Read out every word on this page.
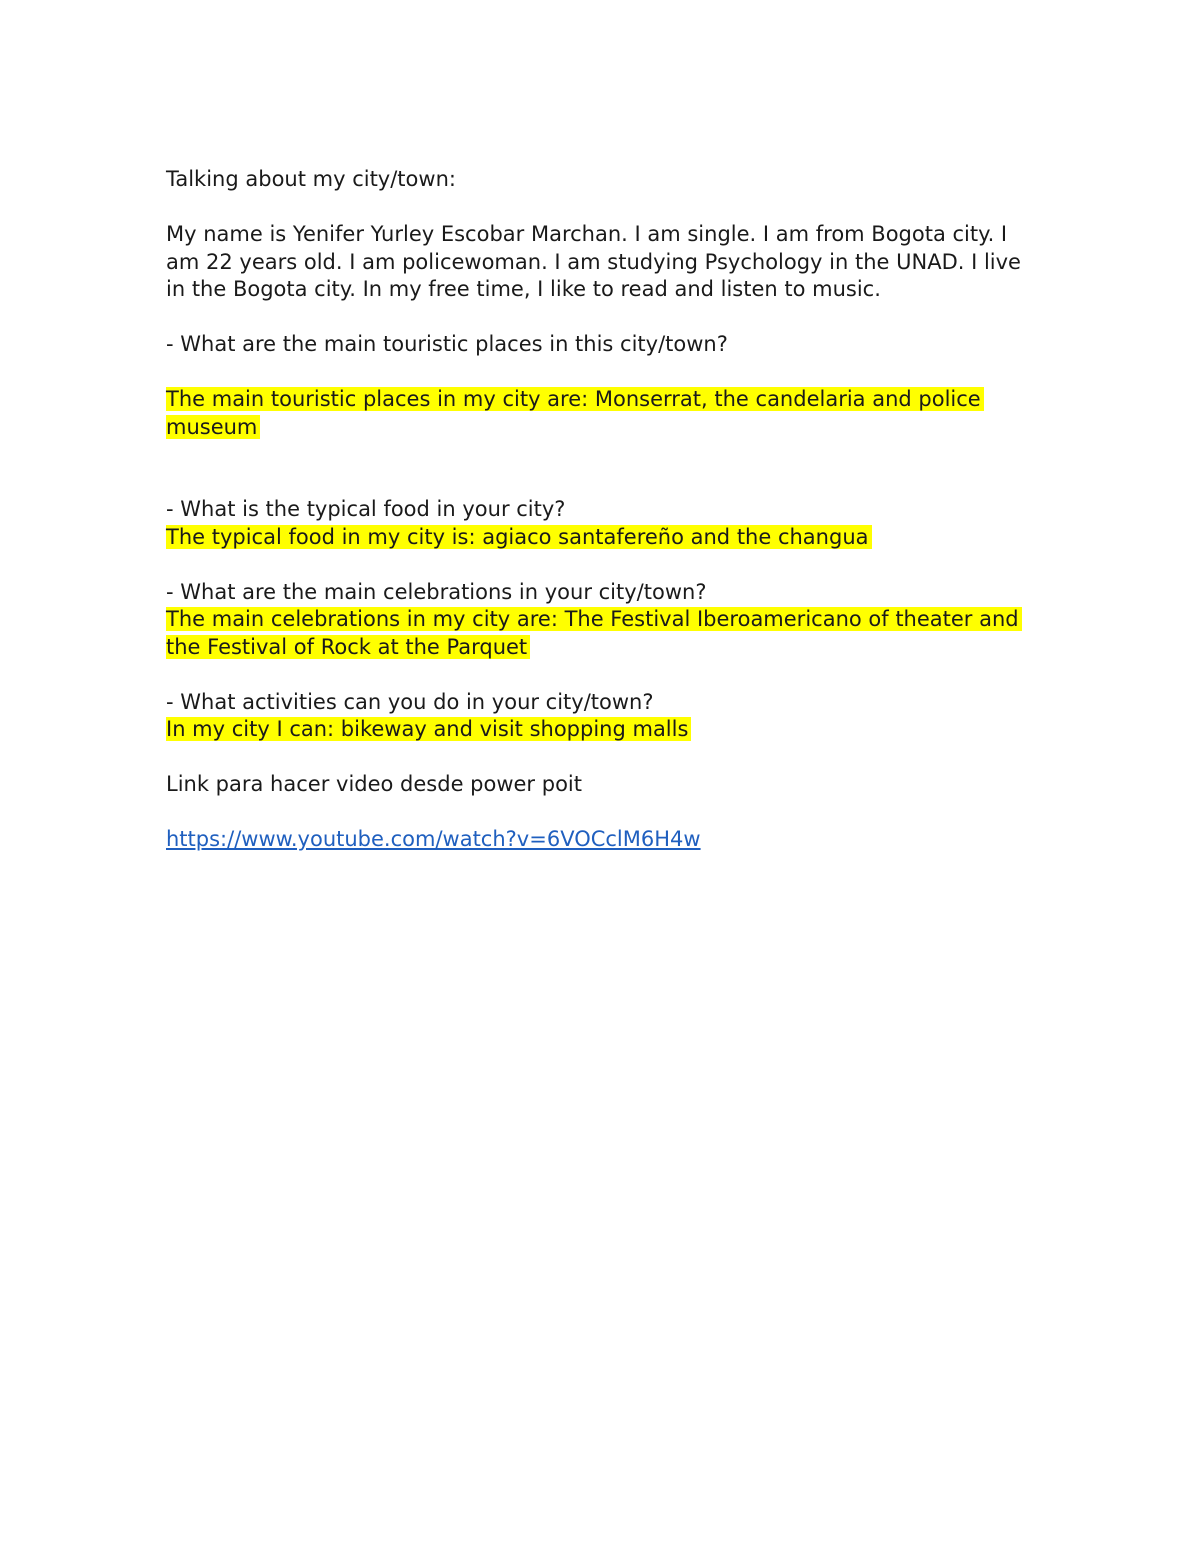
Talking about my city/town:

My name is Yenifer Yurley Escobar Marchan. I am single. I am from Bogota city. I am 22 years old. I am policewoman. I am studying Psychology in the UNAD. I live in the Bogota city. In my free time, I like to read and listen to music.

- What are the main touristic places in this city/town?

The main touristic places in my city are: Monserrat, the candelaria and police museum

- What is the typical food in your city?

The typical food in my city is: agiaco santafereño and the changua

- What are the main celebrations in your city/town?

The main celebrations in my city are: The Festival Iberoamericano of theater and the Festival of Rock at the Parquet

- What activities can you do in your city/town?

In my city I can: bikeway and visit shopping malls

Link para hacer video desde power poit

https://www.youtube.com/watch?v=6VOCclM6H4w
